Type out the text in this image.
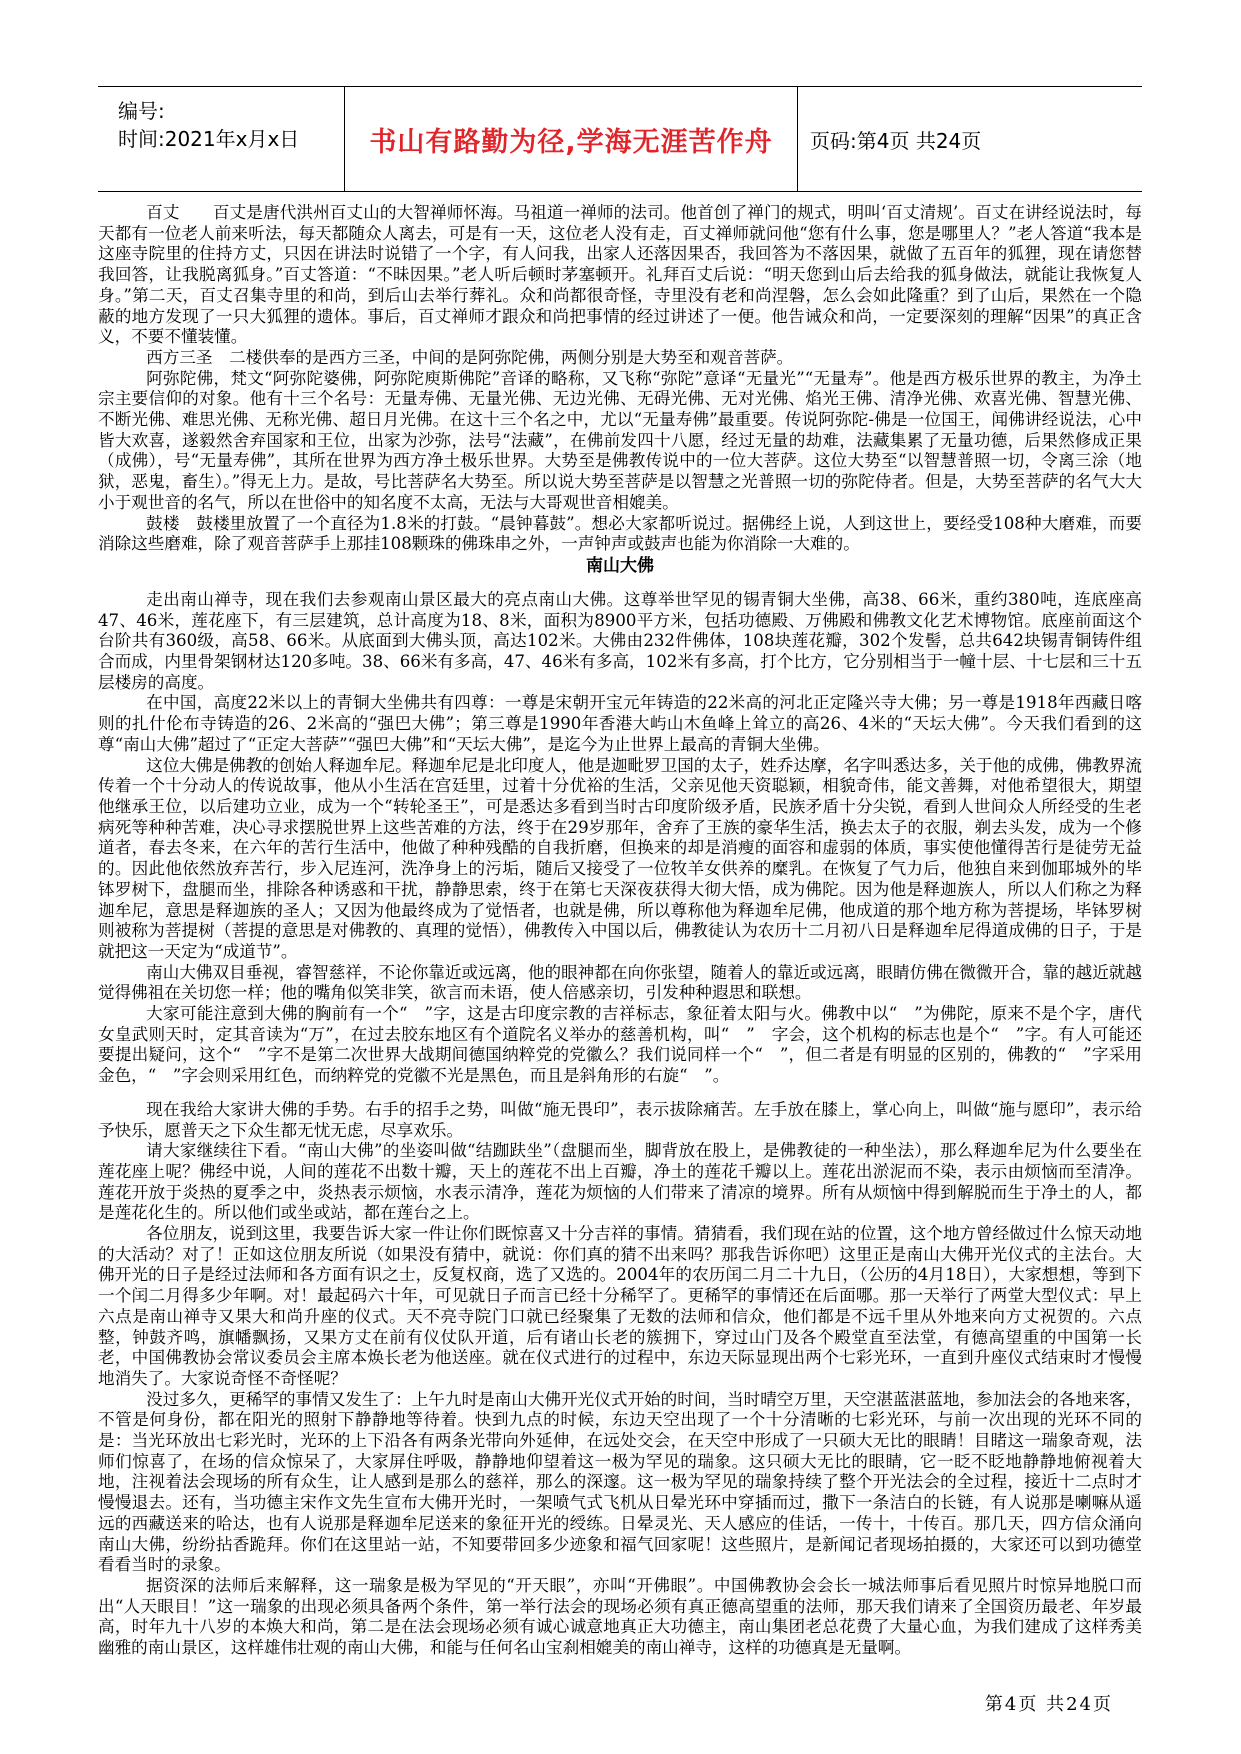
编号:
时间:2021年x月x日	书山有路勤为径,学海无涯苦作舟	页码:第4页 共24页

百丈　　百丈是唐代洪州百丈山的大智禅师怀海。马祖道一禅师的法司。他首创了禅门的规式，明叫‘百丈清规’。百丈在讲经说法时，每天都有一位老人前来听法，每天都随众人离去，可是有一天，这位老人没有走，百丈禅师就问他“您有什么事，您是哪里人？”老人答道“我本是这座寺院里的住持方丈，只因在讲法时说错了一个字，有人问我，出家人还落因果否，我回答为不落因果，就做了五百年的狐狸，现在请您替我回答，让我脱离狐身。”百丈答道：“不昧因果。”老人听后顿时茅塞顿开。礼拜百丈后说：“明天您到山后去给我的狐身做法，就能让我恢复人身。”第二天，百丈召集寺里的和尚，到后山去举行葬礼。众和尚都很奇怪，寺里没有老和尚涅磐，怎么会如此隆重？到了山后，果然在一个隐蔽的地方发现了一只大狐狸的遗体。事后，百丈禅师才跟众和尚把事情的经过讲述了一便。他告诫众和尚，一定要深刻的理解“因果”的真正含义，不要不懂装懂。

西方三圣　二楼供奉的是西方三圣，中间的是阿弥陀佛，两侧分别是大势至和观音菩萨。

阿弥陀佛，梵文“阿弥陀婆佛，阿弥陀庾斯佛陀”音译的略称，又飞称“弥陀”意译“无量光”“无量寿”。他是西方极乐世界的教主，为净土宗主要信仰的对象。他有十三个名号：无量寿佛、无量光佛、无边光佛、无碍光佛、无对光佛、焰光王佛、清净光佛、欢喜光佛、智慧光佛、不断光佛、难思光佛、无称光佛、超日月光佛。在这十三个名之中，尤以“无量寿佛”最重要。传说阿弥陀-佛是一位国王，闻佛讲经说法，心中皆大欢喜，遂毅然舍弃国家和王位，出家为沙弥，法号“法藏”，在佛前发四十八愿，经过无量的劫难，法藏集累了无量功德，后果然修成正果（成佛），号“无量寿佛”，其所在世界为西方净土极乐世界。大势至是佛教传说中的一位大菩萨。这位大势至“以智慧普照一切，令离三涂（地狱，恶鬼，畜生）。”得无上力。是故，号比菩萨名大势至。所以说大势至菩萨是以智慧之光普照一切的弥陀侍者。但是，大势至菩萨的名气大大小于观世音的名气，所以在世俗中的知名度不太高，无法与大哥观世音相媲美。

鼓楼　鼓楼里放置了一个直径为1.8米的打鼓。“晨钟暮鼓”。想必大家都听说过。据佛经上说，人到这世上，要经受108种大磨难，而要消除这些磨难，除了观音菩萨手上那挂108颗珠的佛珠串之外，一声钟声或鼓声也能为你消除一大难的。

南山大佛

走出南山禅寺，现在我们去参观南山景区最大的亮点南山大佛。这尊举世罕见的锡青铜大坐佛，高38、66米，重约380吨，连底座高47、46米，莲花座下，有三层建筑，总计高度为18、8米，面积为8900平方米，包括功德殿、万佛殿和佛教文化艺术博物馆。底座前面这个台阶共有360级，高58、66米。从底面到大佛头顶，高达102米。大佛由232件佛体，108块莲花瓣，302个发髻，总共642块锡青铜铸件组合而成，内里骨架钢材达120多吨。38、66米有多高，47、46米有多高，102米有多高，打个比方，它分别相当于一幢十层、十七层和三十五层楼房的高度。

在中国，高度22米以上的青铜大坐佛共有四尊：一尊是宋朝开宝元年铸造的22米高的河北正定隆兴寺大佛；另一尊是1918年西藏日喀则的扎什伦布寺铸造的26、2米高的“强巴大佛”；第三尊是1990年香港大屿山木鱼峰上耸立的高26、4米的“天坛大佛”。今天我们看到的这尊“南山大佛”超过了“正定大菩萨”“强巴大佛”和“天坛大佛”，是迄今为止世界上最高的青铜大坐佛。

这位大佛是佛教的创始人释迦牟尼。释迦牟尼是北印度人，他是迦毗罗卫国的太子，姓乔达摩，名字叫悉达多，关于他的成佛，佛教界流传着一个十分动人的传说故事，他从小生活在宫廷里，过着十分优裕的生活，父亲见他天资聪颖，相貌奇伟，能文善舞，对他希望很大，期望他继承王位，以后建功立业，成为一个“转轮圣王”，可是悉达多看到当时古印度阶级矛盾，民族矛盾十分尖锐，看到人世间众人所经受的生老病死等种种苦难，决心寻求摆脱世界上这些苦难的方法，终于在29岁那年，舍弃了王族的豪华生活，换去太子的衣服，剃去头发，成为一个修道者，春去冬来，在六年的苦行生活中，他做了种种残酷的自我折磨，但换来的却是消瘦的面容和虚弱的体质，事实使他懂得苦行是徒劳无益的。因此他依然放弃苦行，步入尼连河，洗净身上的污垢，随后又接受了一位牧羊女供养的糜乳。在恢复了气力后，他独自来到伽耶城外的毕钵罗树下，盘腿而坐，排除各种诱惑和干扰，静静思索，终于在第七天深夜获得大彻大悟，成为佛陀。因为他是释迦族人，所以人们称之为释迦牟尼，意思是释迦族的圣人；又因为他最终成为了觉悟者，也就是佛，所以尊称他为释迦牟尼佛，他成道的那个地方称为菩提场，毕钵罗树则被称为菩提树（菩提的意思是对佛教的、真理的觉悟），佛教传入中国以后，佛教徒认为农历十二月初八日是释迦牟尼得道成佛的日子，于是就把这一天定为“成道节”。

南山大佛双目垂视，睿智慈祥，不论你靠近或远离，他的眼神都在向你张望，随着人的靠近或远离，眼睛仿佛在微微开合，靠的越近就越觉得佛祖在关切您一样；他的嘴角似笑非笑，欲言而未语，使人倍感亲切，引发种种遐思和联想。

大家可能注意到大佛的胸前有一个“　”字，这是古印度宗教的吉祥标志，象征着太阳与火。佛教中以“　”为佛陀，原来不是个字，唐代女皇武则天时，定其音读为“万”，在过去胶东地区有个道院名义举办的慈善机构，叫“　”　字会，这个机构的标志也是个“　”字。有人可能还要提出疑问，这个“　”字不是第二次世界大战期间德国纳粹党的党徽么？我们说同样一个“　”，但二者是有明显的区别的，佛教的“　”字采用金色，“　”字会则采用红色，而纳粹党的党徽不光是黑色，而且是斜角形的右旋“　”。

现在我给大家讲大佛的手势。右手的招手之势，叫做“施无畏印”，表示拔除痛苦。左手放在膝上，掌心向上，叫做“施与愿印”，表示给予快乐，愿普天之下众生都无忧无虑，尽享欢乐。

请大家继续往下看。“南山大佛”的坐姿叫做“结跏趺坐”（盘腿而坐，脚背放在股上，是佛教徒的一种坐法），那么释迦牟尼为什么要坐在莲花座上呢？佛经中说，人间的莲花不出数十瓣，天上的莲花不出上百瓣，净土的莲花千瓣以上。莲花出淤泥而不染，表示由烦恼而至清净。莲花开放于炎热的夏季之中，炎热表示烦恼，水表示清净，莲花为烦恼的人们带来了清凉的境界。所有从烦恼中得到解脱而生于净土的人，都是莲花化生的。所以他们或坐或站，都在莲台之上。

各位朋友，说到这里，我要告诉大家一件让你们既惊喜又十分吉祥的事情。猜猜看，我们现在站的位置，这个地方曾经做过什么惊天动地的大活动？对了！正如这位朋友所说（如果没有猜中，就说：你们真的猜不出来吗？那我告诉你吧）这里正是南山大佛开光仪式的主法台。大佛开光的日子是经过法师和各方面有识之士，反复权商，选了又选的。2004年的农历闰二月二十九日，（公历的4月18日），大家想想，等到下一个闰二月得多少年啊。对！最起码六十年，可见就日子而言已经十分稀罕了。更稀罕的事情还在后面哪。那一天举行了两堂大型仪式：早上六点是南山禅寺又果大和尚升座的仪式。天不亮寺院门口就已经聚集了无数的法师和信众，他们都是不远千里从外地来向方丈祝贺的。六点整，钟鼓齐鸣，旗幡飘扬，又果方丈在前有仪仗队开道，后有诸山长老的簇拥下，穿过山门及各个殿堂直至法堂，有德高望重的中国第一长老，中国佛教协会常议委员会主席本焕长老为他送座。就在仪式进行的过程中，东边天际显现出两个七彩光环，一直到升座仪式结束时才慢慢地消失了。大家说奇怪不奇怪呢？

没过多久，更稀罕的事情又发生了：上午九时是南山大佛开光仪式开始的时间，当时晴空万里，天空湛蓝湛蓝地，参加法会的各地来客，不管是何身份，都在阳光的照射下静静地等待着。快到九点的时候，东边天空出现了一个十分清晰的七彩光环，与前一次出现的光环不同的是：当光环放出七彩光时，光环的上下沿各有两条光带向外延伸，在远处交会，在天空中形成了一只硕大无比的眼睛！目睹这一瑞象奇观，法师们惊喜了，在场的信众惊呆了，大家屏住呼吸，静静地仰望着这一极为罕见的瑞象。这只硕大无比的眼睛，它一眨不眨地静静地俯视着大地，注视着法会现场的所有众生，让人感到是那么的慈祥，那么的深邃。这一极为罕见的瑞象持续了整个开光法会的全过程，接近十二点时才慢慢退去。还有，当功德主宋作文先生宣布大佛开光时，一架喷气式飞机从日晕光环中穿插而过，撒下一条洁白的长链，有人说那是喇嘛从遥远的西藏送来的哈达，也有人说那是释迦牟尼送来的象征开光的绶练。日晕灵光、天人感应的佳话，一传十，十传百。那几天，四方信众涌向南山大佛，纷纷拈香跪拜。你们在这里站一站，不知要带回多少迹象和福气回家呢！这些照片，是新闻记者现场拍摄的，大家还可以到功德堂看看当时的录象。

据资深的法师后来解释，这一瑞象是极为罕见的“开天眼”，亦叫“开佛眼”。中国佛教协会会长一城法师事后看见照片时惊异地脱口而出“人天眼目！”这一瑞象的出现必须具备两个条件，第一举行法会的现场必须有真正德高望重的法师，那天我们请来了全国资历最老、年岁最高，时年九十八岁的本焕大和尚，第二是在法会现场必须有诚心诚意地真正大功德主，南山集团老总花费了大量心血，为我们建成了这样秀美幽雅的南山景区，这样雄伟壮观的南山大佛，和能与任何名山宝刹相媲美的南山禅寺，这样的功德真是无量啊。

第4页 共24页
